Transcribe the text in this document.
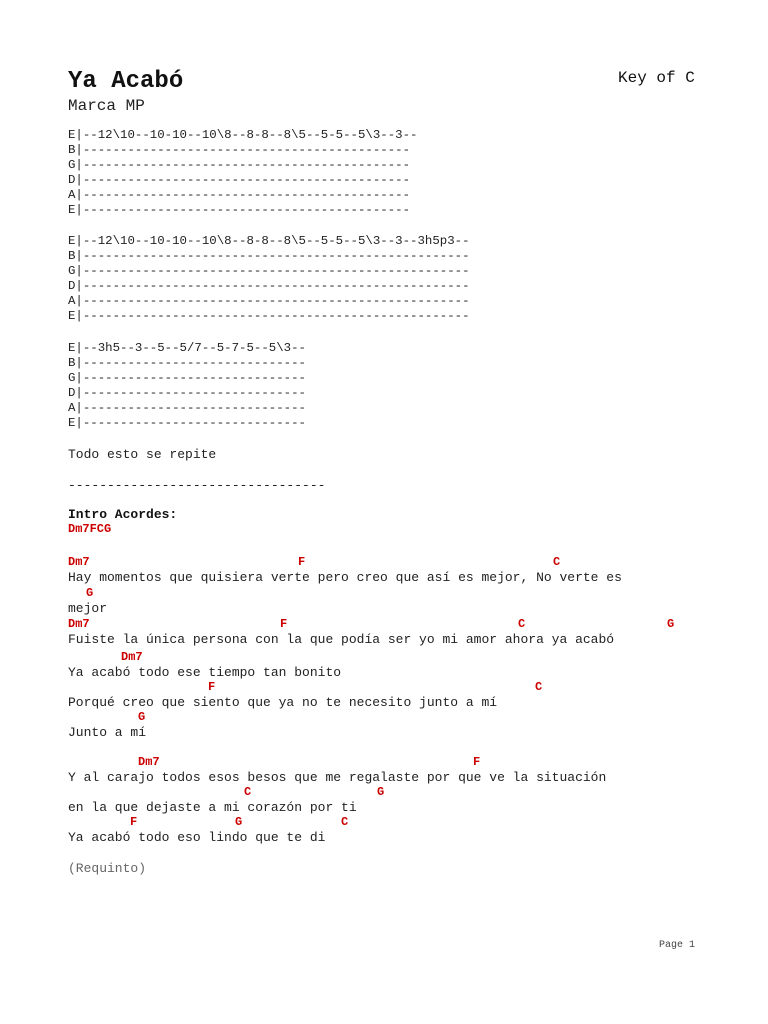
Ya Acabó	Key of C
Marca MP
E|--12\10--10-10--10\8--8-8--8\5--5-5--5\3--3--
B|--------------------------------------------
G|--------------------------------------------
D|--------------------------------------------
A|--------------------------------------------
E|--------------------------------------------
E|--12\10--10-10--10\8--8-8--8\5--5-5--5\3--3--3h5p3--
B|----------------------------------------------------
G|----------------------------------------------------
D|----------------------------------------------------
A|----------------------------------------------------
E|----------------------------------------------------
E|--3h5--3--5--5/7--5-7-5--5\3--
B|------------------------------
G|------------------------------
D|------------------------------
A|------------------------------
E|------------------------------
Todo esto se repite
---------------------------------
Intro Acordes:
Dm7FCG
Dm7	F	C
Hay momentos que quisiera verte pero creo que así es mejor, No verte es
G
mejor
Dm7	F	C	G
Fuiste la única persona con la que podía ser yo mi amor ahora ya acabó
Dm7
Ya acabó todo ese tiempo tan bonito
F	C
Porqué creo que siento que ya no te necesito junto a mí
G
Junto a mí
Dm7	F
Y al carajo todos esos besos que me regalaste por que ve la situación
C	G
en la que dejaste a mi corazón por ti
F	G	C
Ya acabó todo eso lindo que te di
(Requinto)
Page 1
